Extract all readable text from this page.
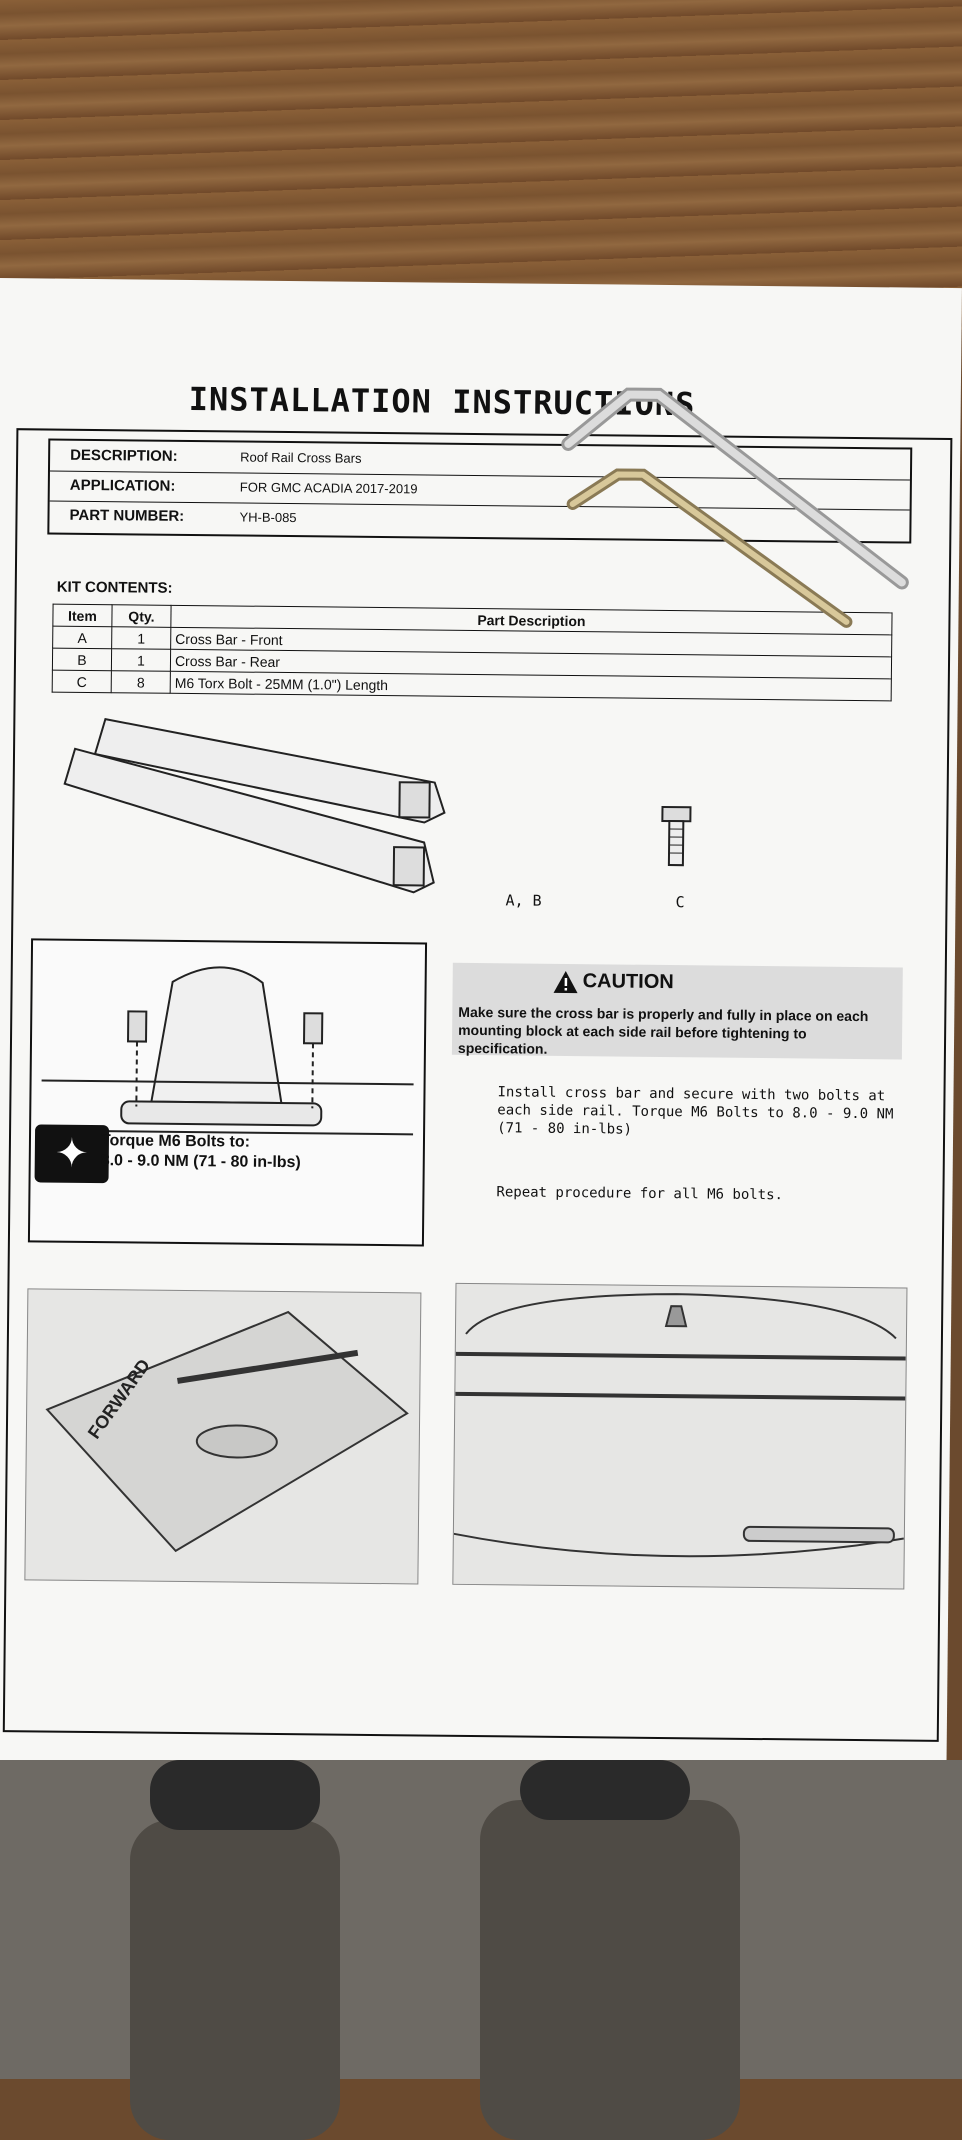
INSTALLATION INSTRUCTIONS
DESCRIPTION:	Roof Rail Cross Bars
APPLICATION:	FOR GMC ACADIA 2017-2019
PART NUMBER:	YH-B-085
KIT CONTENTS:
Item	Qty.	Part Description
A	1	Cross Bar - Front
B	1	Cross Bar - Rear
C	8	M6 Torx Bolt - 25MM (1.0") Length
A, B	C
✦ Torque M6 Bolts to:
8.0 - 9.0 NM (71 - 80 in-lbs)
CAUTION
Make sure the cross bar is properly and fully in place on each mounting block at each side rail before tightening to specification.
Install cross bar and secure with two bolts at each side rail. Torque M6 Bolts to 8.0 - 9.0 NM (71 - 80 in-lbs)
Repeat procedure for all M6 bolts.
FORWARD
